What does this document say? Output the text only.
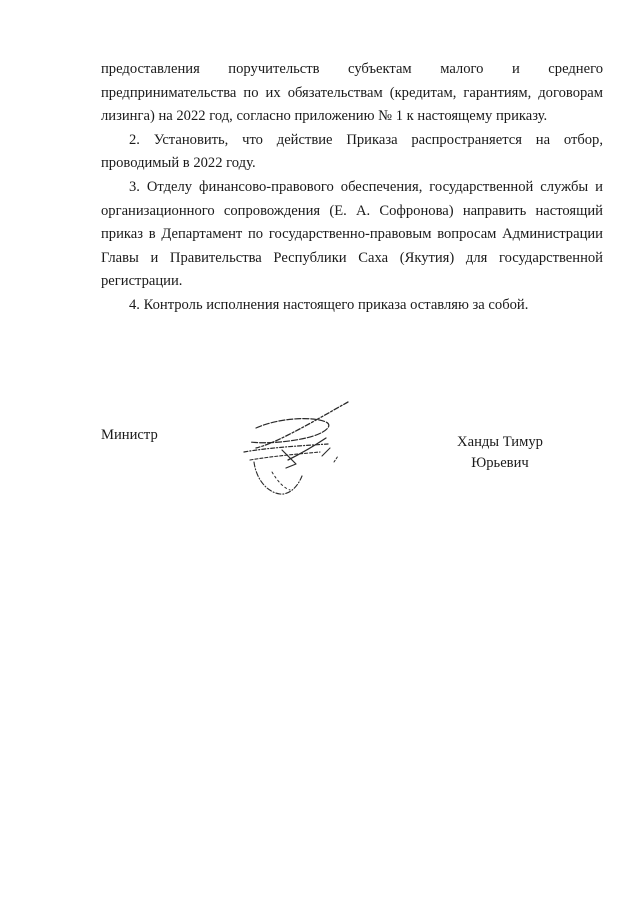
предоставления поручительств субъектам малого и среднего предпринимательства по их обязательствам (кредитам, гарантиям, договорам лизинга) на 2022 год, согласно приложению № 1 к настоящему приказу.

2. Установить, что действие Приказа распространяется на отбор, проводимый в 2022 году.

3. Отделу финансово-правового обеспечения, государственной службы и организационного сопровождения (Е. А. Софронова) направить настоящий приказ в Департамент по государственно-правовым вопросам Администрации Главы и Правительства Республики Саха (Якутия) для государственной регистрации.

4. Контроль исполнения настоящего приказа оставляю за собой.

Министр	Ханды Тимур
Юрьевич
